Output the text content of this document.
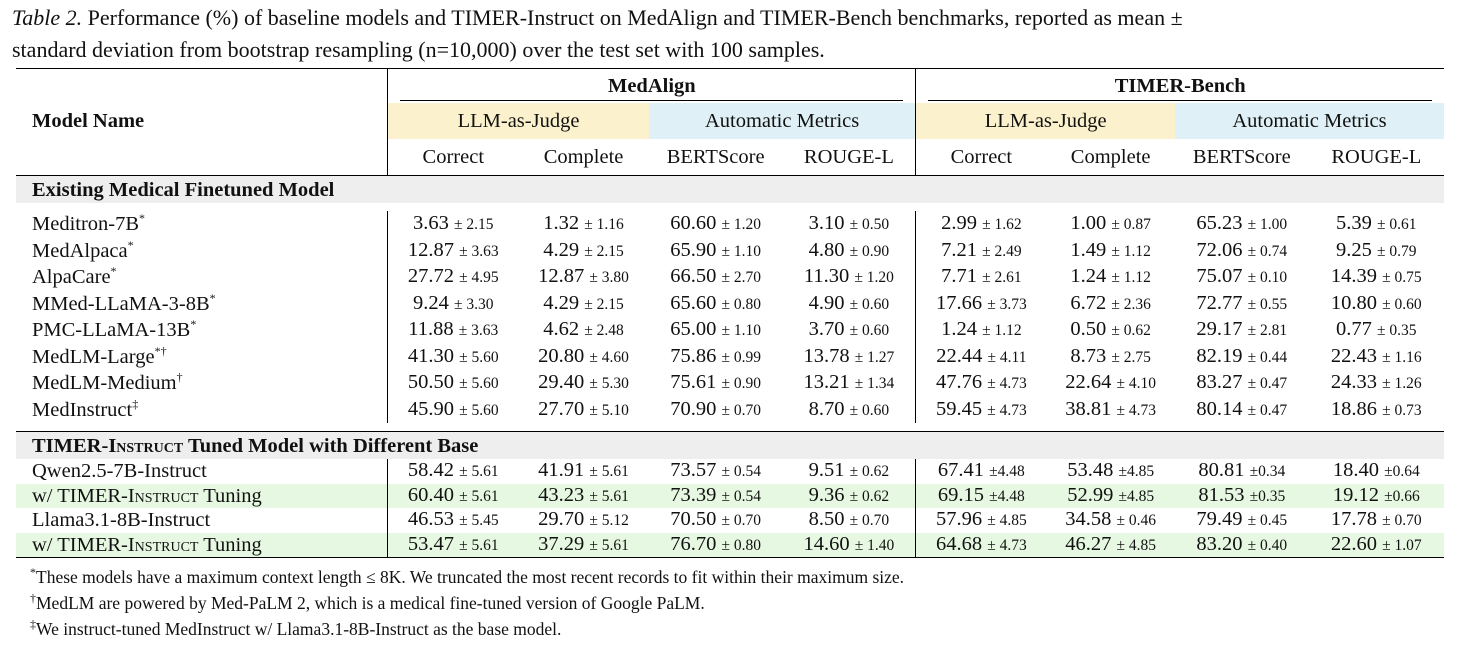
Table 2. Performance (%) of baseline models and TIMER-Instruct on MedAlign and TIMER-Bench benchmarks, reported as mean ±
standard deviation from bootstrap resampling (n=10,000) over the test set with 100 samples.
	MedAlign				TIMER-Bench			

Model Name	LLM-as-Judge		Automatic Metrics		LLM-as-Judge		Automatic Metrics	
	Correct	Complete	BERTScore	ROUGE-L	Correct	Complete	BERTScore	ROUGE-L
Existing Medical Finetuned Model								

Meditron-7B*	3.63 ± 2.15	1.32 ± 1.16	60.60 ± 1.20	3.10 ± 0.50	2.99 ± 1.62	1.00 ± 0.87	65.23 ± 1.00	5.39 ± 0.61
MedAlpaca*	12.87 ± 3.63	4.29 ± 2.15	65.90 ± 1.10	4.80 ± 0.90	7.21 ± 2.49	1.49 ± 1.12	72.06 ± 0.74	9.25 ± 0.79
AlpaCare*	27.72 ± 4.95	12.87 ± 3.80	66.50 ± 2.70	11.30 ± 1.20	7.71 ± 2.61	1.24 ± 1.12	75.07 ± 0.10	14.39 ± 0.75
MMed-LLaMA-3-8B*	9.24 ± 3.30	4.29 ± 2.15	65.60 ± 0.80	4.90 ± 0.60	17.66 ± 3.73	6.72 ± 2.36	72.77 ± 0.55	10.80 ± 0.60
PMC-LLaMA-13B*	11.88 ± 3.63	4.62 ± 2.48	65.00 ± 1.10	3.70 ± 0.60	1.24 ± 1.12	0.50 ± 0.62	29.17 ± 2.81	0.77 ± 0.35
MedLM-Large*†	41.30 ± 5.60	20.80 ± 4.60	75.86 ± 0.99	13.78 ± 1.27	22.44 ± 4.11	8.73 ± 2.75	82.19 ± 0.44	22.43 ± 1.16
MedLM-Medium†	50.50 ± 5.60	29.40 ± 5.30	75.61 ± 0.90	13.21 ± 1.34	47.76 ± 4.73	22.64 ± 4.10	83.27 ± 0.47	24.33 ± 1.26
MedInstruct‡	45.90 ± 5.60	27.70 ± 5.10	70.90 ± 0.70	8.70 ± 0.60	59.45 ± 4.73	38.81 ± 4.73	80.14 ± 0.47	18.86 ± 0.73

TIMER-Instruct Tuned Model with Different Base								
Qwen2.5-7B-Instruct	58.42 ± 5.61	41.91 ± 5.61	73.57 ± 0.54	9.51 ± 0.62	67.41 ±4.48	53.48 ±4.85	80.81 ±0.34	18.40 ±0.64
w/ TIMER-Instruct Tuning	60.40 ± 5.61	43.23 ± 5.61	73.39 ± 0.54	9.36 ± 0.62	69.15 ±4.48	52.99 ±4.85	81.53 ±0.35	19.12 ±0.66
Llama3.1-8B-Instruct	46.53 ± 5.45	29.70 ± 5.12	70.50 ± 0.70	8.50 ± 0.70	57.96 ± 4.85	34.58 ± 0.46	79.49 ± 0.45	17.78 ± 0.70
w/ TIMER-Instruct Tuning	53.47 ± 5.61	37.29 ± 5.61	76.70 ± 0.80	14.60 ± 1.40	64.68 ± 4.73	46.27 ± 4.85	83.20 ± 0.40	22.60 ± 1.07
*These models have a maximum context length ≤ 8K. We truncated the most recent records to fit within their maximum size.
†MedLM are powered by Med-PaLM 2, which is a medical fine-tuned version of Google PaLM.
‡We instruct-tuned MedInstruct w/ Llama3.1-8B-Instruct as the base model.
